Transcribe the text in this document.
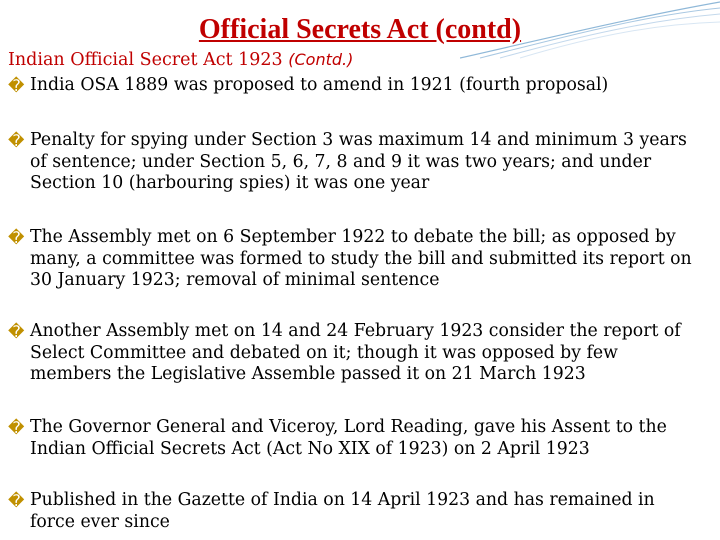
Official Secrets Act (contd)
Indian Official Secret Act 1923 (Contd.)
� India OSA 1889 was proposed to amend in 1921 (fourth proposal)
� Penalty for spying under Section 3 was maximum 14 and minimum 3 years of sentence; under Section 5, 6, 7, 8 and 9 it was two years; and under Section 10 (harbouring spies) it was one year
� The Assembly met on 6 September 1922 to debate the bill; as opposed by many, a committee was formed to study the bill and submitted its report on 30 January 1923; removal of minimal sentence
� Another Assembly met on 14 and 24 February 1923 consider the report of Select Committee and debated on it; though it was opposed by few members the Legislative Assemble passed it on 21 March 1923
� The Governor General and Viceroy, Lord Reading, gave his Assent to the Indian Official Secrets Act (Act No XIX of 1923) on 2 April 1923
� Published in the Gazette of India on 14 April 1923 and has remained in force ever since
